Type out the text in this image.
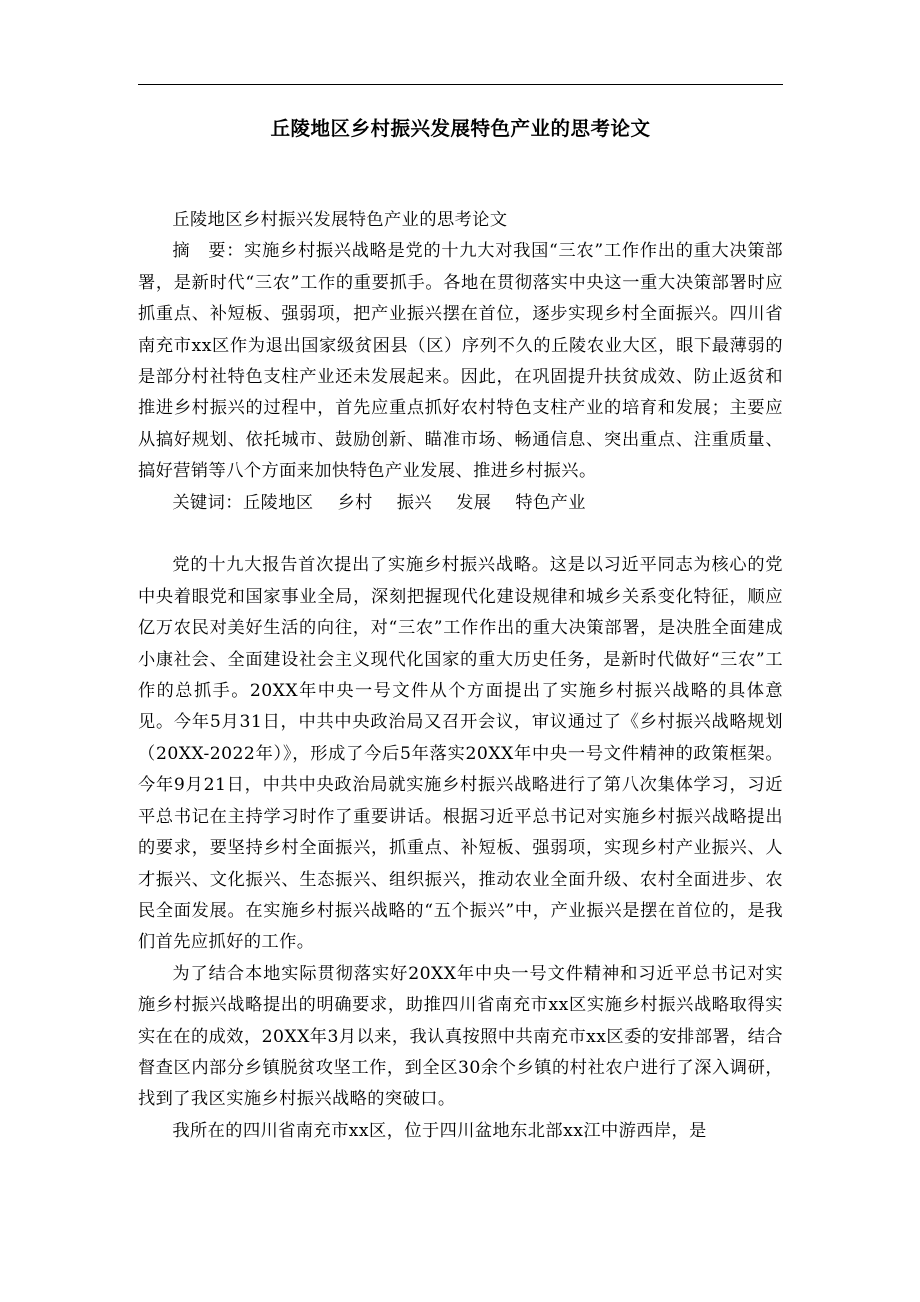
丘陵地区乡村振兴发展特色产业的思考论文

丘陵地区乡村振兴发展特色产业的思考论文

摘　要：实施乡村振兴战略是党的十九大对我国“三农”工作作出的重大决策部署，是新时代“三农”工作的重要抓手。各地在贯彻落实中央这一重大决策部署时应抓重点、补短板、强弱项，把产业振兴摆在首位，逐步实现乡村全面振兴。四川省南充市xx区作为退出国家级贫困县（区）序列不久的丘陵农业大区，眼下最薄弱的是部分村社特色支柱产业还未发展起来。因此，在巩固提升扶贫成效、防止返贫和推进乡村振兴的过程中，首先应重点抓好农村特色支柱产业的培育和发展；主要应从搞好规划、依托城市、鼓励创新、瞄准市场、畅通信息、突出重点、注重质量、搞好营销等八个方面来加快特色产业发展、推进乡村振兴。

关键词：丘陵地区 乡村 振兴 发展 特色产业

党的十九大报告首次提出了实施乡村振兴战略。这是以习近平同志为核心的党中央着眼党和国家事业全局，深刻把握现代化建设规律和城乡关系变化特征，顺应亿万农民对美好生活的向往，对“三农”工作作出的重大决策部署，是决胜全面建成小康社会、全面建设社会主义现代化国家的重大历史任务，是新时代做好“三农”工作的总抓手。20XX年中央一号文件从个方面提出了实施乡村振兴战略的具体意见。今年5月31日，中共中央政治局又召开会议，审议通过了《乡村振兴战略规划（20XX-2022年）》，形成了今后5年落实20XX年中央一号文件精神的政策框架。今年9月21日，中共中央政治局就实施乡村振兴战略进行了第八次集体学习，习近平总书记在主持学习时作了重要讲话。根据习近平总书记对实施乡村振兴战略提出的要求，要坚持乡村全面振兴，抓重点、补短板、强弱项，实现乡村产业振兴、人才振兴、文化振兴、生态振兴、组织振兴，推动农业全面升级、农村全面进步、农民全面发展。在实施乡村振兴战略的“五个振兴”中，产业振兴是摆在首位的，是我们首先应抓好的工作。

为了结合本地实际贯彻落实好20XX年中央一号文件精神和习近平总书记对实施乡村振兴战略提出的明确要求，助推四川省南充市xx区实施乡村振兴战略取得实实在在的成效，20XX年3月以来，我认真按照中共南充市xx区委的安排部署，结合督查区内部分乡镇脱贫攻坚工作，到全区30余个乡镇的村社农户进行了深入调研，找到了我区实施乡村振兴战略的突破口。

我所在的四川省南充市xx区，位于四川盆地东北部xx江中游西岸，是
